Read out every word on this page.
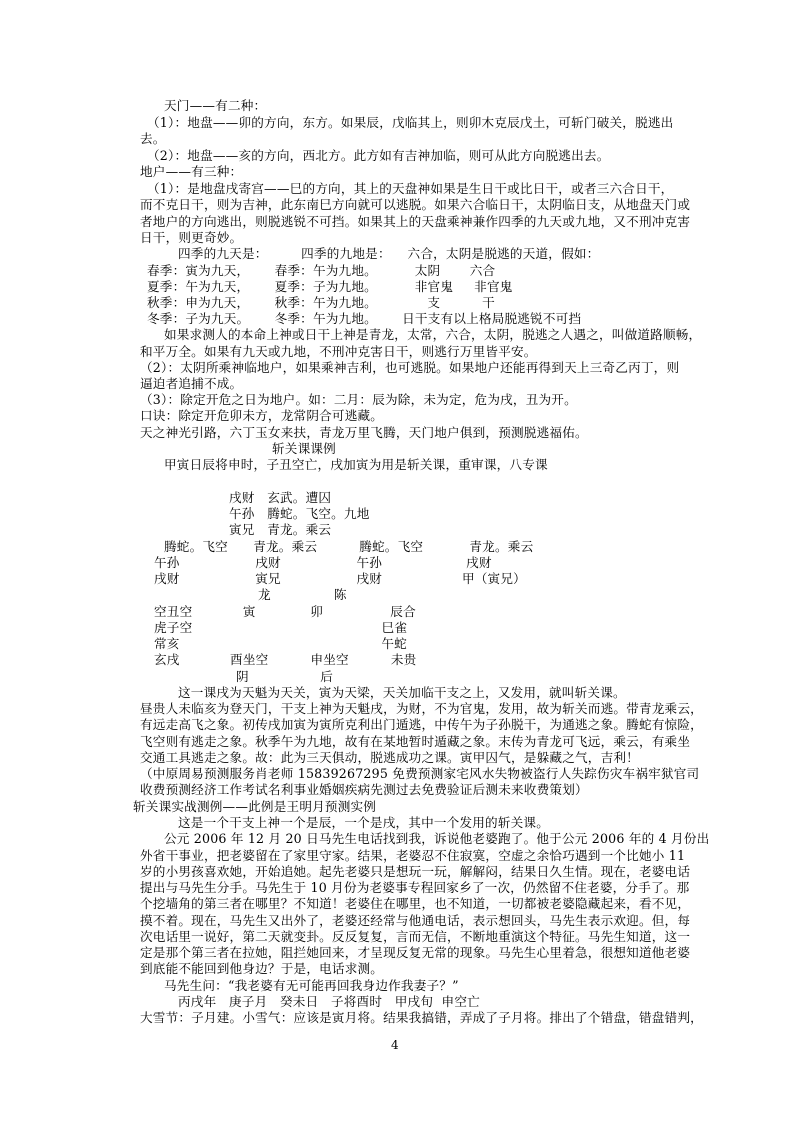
天门——有二种：
（1）：地盘——卯的方向，东方。如果辰，戊临其上，则卯木克辰戊土，可斩门破关，脱逃出
去。
（2）：地盘——亥的方向，西北方。此方如有吉神加临，则可从此方向脱逃出去。
地户——有三种：
（1）：是地盘戌寄宫——巳的方向，其上的天盘神如果是生日干或比日干，或者三六合日干，
而不克日干，则为吉神，此东南巳方向就可以逃脱。如果六合临日干，太阴临日支，从地盘天门或
者地户的方向逃出，则脱逃锐不可挡。如果其上的天盘乘神兼作四季的九天或九地，又不刑冲克害
日干，则更奇妙。
四季的九天是：        四季的九地是：    六合，太阴是脱逃的天道，假如：
春季：寅为九天，      春季：午为九地。         太阴       六合
夏季：午为九天，      夏季：子为九地。         非官鬼     非官鬼
秋季：申为九天，      秋季：午为九地。            支          干
冬季：子为九天。      冬季：午为九地。      日干支有以上格局脱逃锐不可挡
如果求测人的本命上神或日干上神是青龙，太常，六合，太阴，脱逃之人遇之，叫做道路顺畅，
和平万全。如果有九天或九地，不刑冲克害日干，则逃行万里皆平安。
（2）：太阴所乘神临地户，如果乘神吉利，也可逃脱。如果地户还能再得到天上三奇乙丙丁，则
逼迫者追捕不成。
（3）：除定开危之日为地户。如：二月：辰为除，未为定，危为戌，丑为开。
口诀：除定开危卯未方，龙常阴合可逃藏。
天之神光引路，六丁玉女来扶，青龙万里飞腾，天门地户俱到，预测脱逃福佑。
斩关课课例
甲寅日辰将申时，子丑空亡，戌加寅为用是斩关课，重审课，八专课
戌财   玄武。遭囚
午孙   腾蛇。飞空。九地
寅兄   青龙。乘云
腾蛇。飞空      青龙。乘云          腾蛇。飞空           青龙。乘云
午孙                  戌财                  午孙                    戌财
戌财                  寅兄                  戌财                   甲（寅兄）
龙               陈
空丑空            寅             卯                辰合
虎子空                                             巳雀
常亥                                                午蛇
玄戌            酉坐空          申坐空          未贵
阴                 后
这一课戌为天魁为天关，寅为天梁，天关加临干支之上，又发用，就叫斩关课。
昼贵人未临亥为登天门，干支上神为天魁戌，为财，不为官鬼，发用，故为斩关而逃。带青龙乘云，
有远走高飞之象。初传戌加寅为寅所克利出门遁逃，中传午为子孙脱干，为通逃之象。腾蛇有惊险，
飞空则有逃走之象。秋季午为九地，故有在某地暂时遁藏之象。末传为青龙可飞远，乘云，有乘坐
交通工具逃走之象。故：此为三天俱动，脱逃成功之课。寅甲囚气，是躲藏之气，吉利！
（中原周易预测服务肖老师 15839267295 免费预测家宅风水失物被盗行人失踪伤灾车祸牢狱官司
收费预测经济工作考试名利事业婚姻疾病先测过去免费验证后测未来收费策划）
斩关课实战测例——此例是王明月预测实例
这是一个干支上神一个是辰，一个是戌，其中一个发用的斩关课。
公元 2006 年 12 月 20 日马先生电话找到我，诉说他老婆跑了。他于公元 2006 年的 4 月份出
外省干事业，把老婆留在了家里守家。结果，老婆忍不住寂寞，空虚之余恰巧遇到一个比她小 11
岁的小男孩喜欢她，开始追她。起先老婆只是想玩一玩，解解闷，结果日久生情。现在，老婆电话
提出与马先生分手。马先生于 10 月份为老婆事专程回家乡了一次，仍然留不住老婆，分手了。那
个挖墙角的第三者在哪里？不知道！老婆住在哪里，也不知道，一切都被老婆隐藏起来，看不见，
摸不着。现在，马先生又出外了，老婆还经常与他通电话，表示想回头，马先生表示欢迎。但，每
次电话里一说好，第二天就变卦。反反复复，言而无信，不断地重演这个特征。马先生知道，这一
定是那个第三者在拉她，阻拦她回来，才呈现反复无常的现象。马先生心里着急，很想知道他老婆
到底能不能回到他身边？于是，电话求测。
马先生问：“我老婆有无可能再回我身边作我妻子？”
丙戌年   庚子月   癸未日   子将酉时   甲戌旬  申空亡
大雪节：子月建。小雪气：应该是寅月将。结果我搞错，弄成了子月将。排出了个错盘，错盘错判，
4
